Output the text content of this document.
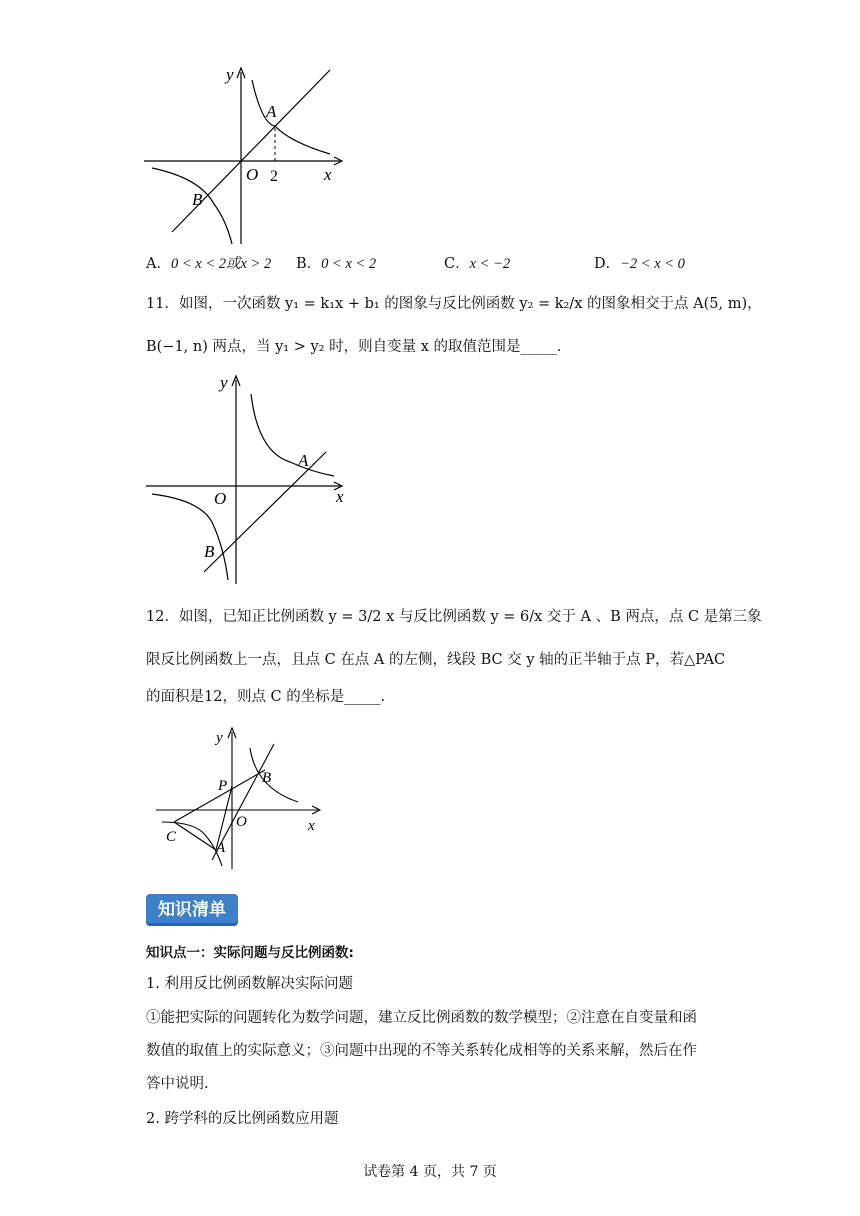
y
x
O
A
B
2
A．0 < x < 2或x > 2 B．0 < x < 2	C．x < −2	D．−2 < x < 0
11．如图，一次函数 y₁ = k₁x + b₁ 的图象与反比例函数 y₂ = k₂/x 的图象相交于点 A(5, m)，
B(−1, n) 两点，当 y₁ > y₂ 时，则自变量 x 的取值范围是_____.
y
x
O
A
B
12．如图，已知正比例函数 y = 3/2 x 与反比例函数 y = 6/x 交于 A 、B 两点，点 C 是第三象
限反比例函数上一点，且点 C 在点 A 的左侧，线段 BC 交 y 轴的正半轴于点 P，若△PAC
的面积是12，则点 C 的坐标是_____.
y
x
O
A
B
C
P
知识清单
知识点一：实际问题与反比例函数:
1. 利用反比例函数解决实际问题
①能把实际的问题转化为数学问题，建立反比例函数的数学模型；②注意在自变量和函
数值的取值上的实际意义；③问题中出现的不等关系转化成相等的关系来解，然后在作
答中说明.
2. 跨学科的反比例函数应用题
试卷第 4 页，共 7 页
